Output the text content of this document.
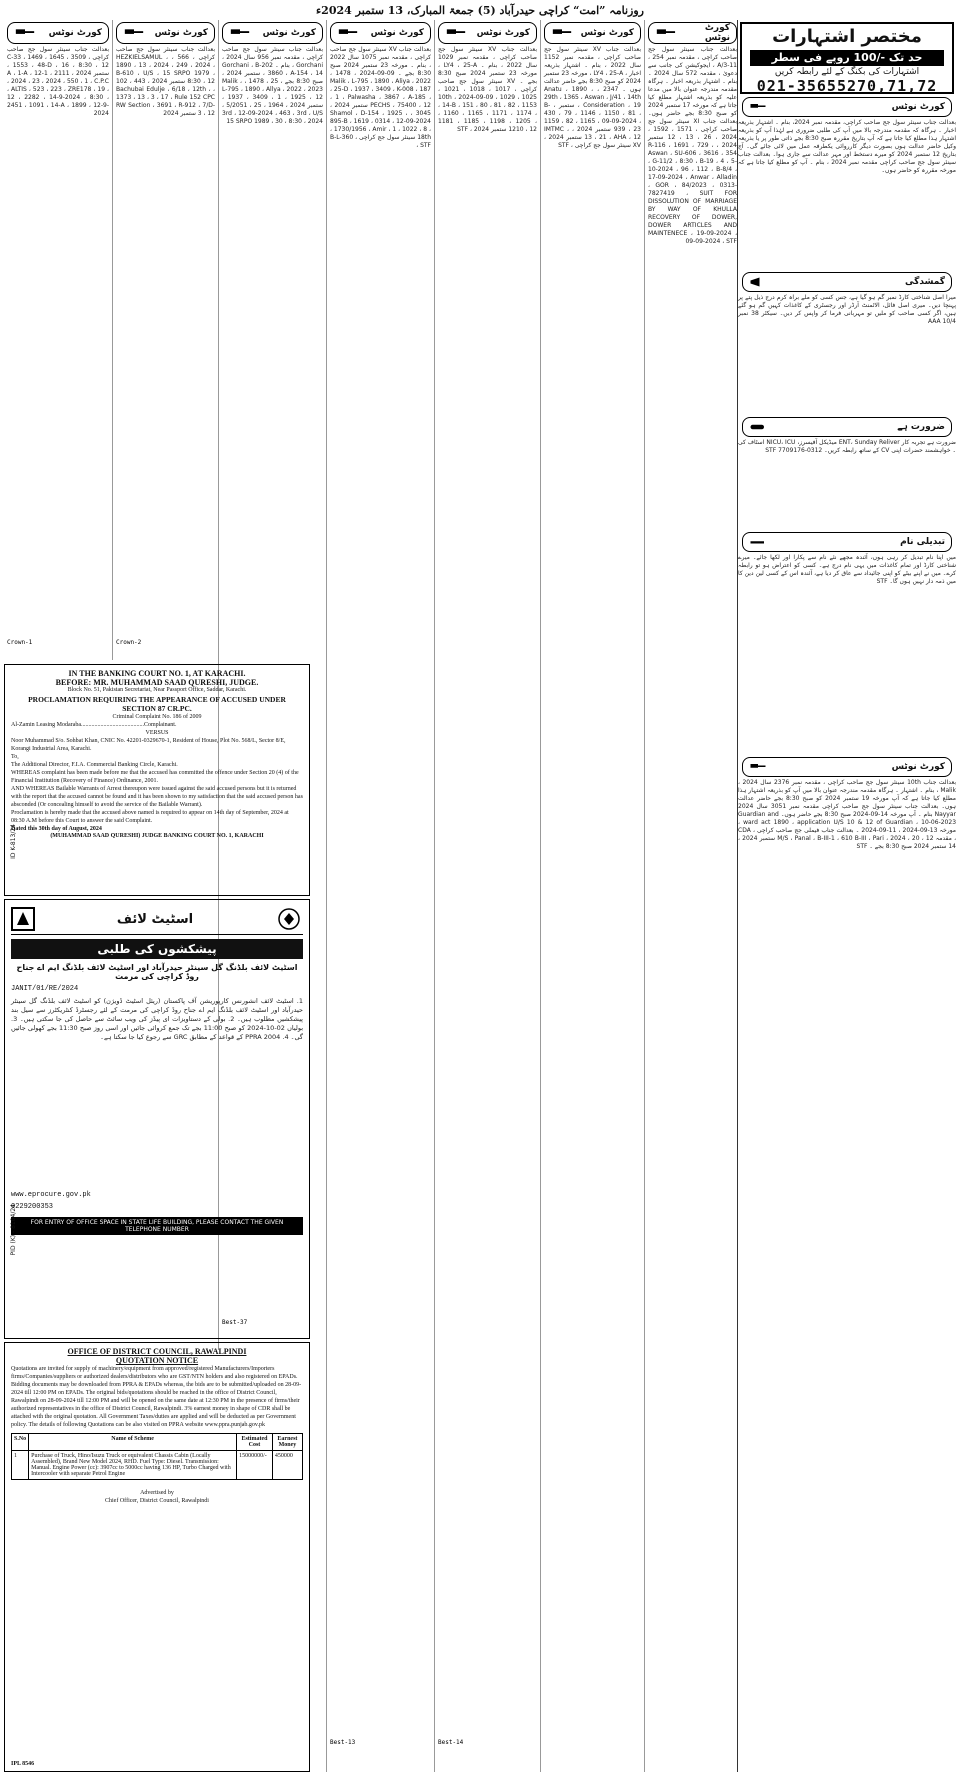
روزنامہ ”امت“ کراچی حیدرآباد (5) جمعۃ المبارک، 13 ستمبر 2024ء
مختصر اشتہارات
حد تک -/100 روپے فی سطر
اشتہارات کی بکنگ کے لئے رابطہ کریں
021-35655270,71,72
کورٹ نوٹس
بعدالت جناب سینئر سول جج صاحب کراچی، مقدمہ نمبر 2024، بنام ۔ اشتہار بذریعہ اخبار ۔ ہرگاہ کہ مقدمہ مندرجہ بالا میں آپ کی طلبی ضروری ہے لہٰذا آپ کو بذریعہ اشتہار ہذا مطلع کیا جاتا ہے کہ آپ بتاریخ مقررہ صبح 8:30 بجے ذاتی طور پر یا بذریعہ وکیل حاضر عدالت ہوں بصورت دیگر کارروائی یکطرفہ عمل میں لائی جائے گی۔ آج بتاریخ 12 ستمبر 2024 کو میرے دستخط اور مہر عدالت سے جاری ہوا۔ بعدالت جناب سینئر سول جج صاحب کراچی مقدمہ نمبر 2024 ، بنام ۔ آپ کو مطلع کیا جاتا ہے کہ مورخہ مقررہ کو حاضر ہوں۔
گمشدگی
میرا اصل شناختی کارڈ نمبر گم ہو گیا ہے، جس کسی کو ملے براہ کرم درج ذیل پتے پر پہنچا دیں۔ میری اصل فائل، الاٹمنٹ آرڈر اور رجسٹری کے کاغذات کہیں گم ہو گئے ہیں، اگر کسی صاحب کو ملیں تو مہربانی فرما کر واپس کر دیں۔ سیکٹر 38 نمبر 10/4 AAA
ضرورت ہے
ضرورت ہے تجربہ کار ENT، Sunday Reliver میڈیکل آفیسرز، NICU، ICU اسٹاف کی ۔ خواہشمند حضرات اپنی CV کے ساتھ رابطہ کریں۔ 0312-7709176 STF
تبدیلی نام
میں اپنا نام تبدیل کر رہی ہوں، آئندہ مجھے نئے نام سے پکارا اور لکھا جائے۔ میرے شناختی کارڈ اور تمام کاغذات میں یہی نام درج ہے۔ کسی کو اعتراض ہو تو رابطہ کرے۔ میں نے اپنے بیٹے کو اپنی جائیداد سے عاق کر دیا ہے، آئندہ اس کے کسی لین دین کا میں ذمہ دار نہیں ہوں گا۔ STF
کورٹ نوٹس
بعدالت جناب 10th سینئر سول جج صاحب کراچی ، مقدمہ نمبر 2376 سال 2024 ، Malik ، بنام ۔ اشتہار ۔ ہرگاہ مقدمہ مندرجہ عنوان بالا میں آپ کو بذریعہ اشتہار ہذا مطلع کیا جاتا ہے کہ آپ مورخہ 19 ستمبر 2024 کو صبح 8:30 بجے حاضر عدالت ہوں۔ بعدالت جناب سینئر سول جج صاحب کراچی مقدمہ نمبر 3051 سال 2024 Nayyar بنام ۔ آپ مورخہ 14-09-2024 صبح 8:30 بجے حاضر ہوں۔ Guardian and ward act 1890 ، application U/S 10 & 12 of Guardian ، 10-06-2023 ، مورخہ 13-09-2024 ، 11-09-2024 ۔ بعدالت جناب فیملی جج صاحب کراچی ، CDA ، مقدمہ M/S ، Panal ، B-III-1 ، 610 B-III ، Pari ، 2024 ، 20 ، 12 ستمبر 2024 ، 14 ستمبر 2024 صبح 8:30 بجے ۔ STF
کورٹ نوٹس
بعدالت جناب سینئر سول جج صاحب کراچی ، مقدمہ نمبر 254 ، 11-A/3 ، ایجوکیشن کی جانب سے دعویٰ ، مقدمہ 572 سال 2024 ۔ بنام ۔ اشتہار بذریعہ اخبار ۔ ہرگاہ مقدمہ مندرجہ عنوان بالا میں مدعا علیہ کو بذریعہ اشتہار مطلع کیا جاتا ہے کہ مورخہ 17 ستمبر 2024 کو صبح 8:30 بجے حاضر ہوں۔ بعدالت جناب XI سینئر سول جج صاحب کراچی ، 1571 ، 1592 ، 2024 ، 26 ، 13 ، 12 ستمبر 2024 ، R-116 ، 1691 ، 729 ، Aswan ، SU-606 ، 3616 ، 354 ، G-11/2 ، 8:30 ، B-19 ، 4 ، 5-10-2024 ، 96 ، 112 ، B-8/4 ، 17-09-2024 ، Anwar ، Alladin ، GOR ، 84/2023 ، 0313-7827419 ، SUIT FOR DISSOLUTION OF MARRIAGE BY WAY OF KHULLA RECOVERY OF DOWER, DOWER ARTICLES AND MAINTENECE ، 19-09-2024 ، 09-09-2024 ، STF
کورٹ نوٹس
بعدالت جناب XV سینئر سول جج صاحب کراچی ، مقدمہ نمبر 1152 سال 2022 ، بنام ۔ اشتہار بذریعہ اخبار ، LY4 ، 25-A ، مورخہ 23 ستمبر 2024 کو صبح 8:30 بجے حاضر عدالت ہوں ۔ 2347 ، Anatu ، 1890 ، 29th ، 1365 ، Aswan ، J/41 ، 14th ، Consideration ، 19 ستمبر ، B-430 ، 79 ، 1146 ، 1150 ، 81 ، 1159 ، 82 ، 1165 ، 09-09-2024 ، 939 ، 23 ستمبر 2024 ، IMTMC ، 13 ، 21 ، AHA ، 12 ستمبر 2024 ، XV سینئر سول جج کراچی ، STF
کورٹ نوٹس
بعدالت جناب XV سینئر سول جج صاحب کراچی ، مقدمہ نمبر 1029 سال 2022 ، بنام ۔ LY4 ، 25-A ، مورخہ 23 ستمبر 2024 صبح 8:30 بجے ۔ XV سینئر سول جج صاحب کراچی ، 1017 ، 1018 ، 1021 ، 1025 ، 1029 ، 09-09-2024 ، 10th ، 14-B ، 151 ، 80 ، 81 ، 82 ، 1153 ، 1160 ، 1165 ، 1171 ، 1174 ، 1181 ، 1185 ، 1198 ، 1205 ، 1210 ، 12 ستمبر 2024 ، STF
Best-14
کورٹ نوٹس
بعدالت جناب XV سینئر سول جج صاحب کراچی ، مقدمہ نمبر 1075 سال 2022 ، بنام ۔ مورخہ 23 ستمبر 2024 صبح 8:30 بجے ۔ 09-09-2024 ، 1478 ، Malik ، L-795 ، 1890 ، Aliya ، 2022 ، 25-D ، 1937 ، 3409 ، K-008 ، 187 ، 1 ، Palwasha ، 3867 ، A-185 ، PECHS ، 75400 ، 12 ستمبر 2024 ، 3045 ، Shamol ، D-154 ، 1925 ، 895-B ، 1619 ، 0314 ، 12-09-2024 ، 1730/1956 ، Amir ، 1 ، 1022 ، 8 ، 18th سینئر سول جج کراچی ، B-L-360 ، STF
Best-13
کورٹ نوٹس
بعدالت جناب سینئر سول جج صاحب کراچی ، مقدمہ نمبر 956 سال 2024 ، Gorchani ، بنام ۔ Gorchani ، B-202 ، 3860 ، A-154 ، 14 ستمبر 2024 ، صبح 8:30 بجے ، 25 ، 1478 ، Malik ، L-795 ، 1890 ، Allya ، 2022 ، 2023 ، 1937 ، 3409 ، 1 ، 1925 ، 12 ستمبر 2024 ، 1964 ، 25 ، 5/2051 ، 3rd ، 12-09-2024 ، 463 ، 3rd ، U/S 15 SRPO 1989 ، 30 ، 8:30 ، 2024
Best-37
کورٹ نوٹس
بعدالت جناب سینئر سول جج صاحب کراچی ، 566 ، HEZKIELSAMUL ، 1890 ، 13 ، 2024 ، 249 ، 2024 ، B-610 ، U/S ، 15 SRPO 1979 ، 8:30 ، 12 ستمبر 2024 ، 443 ، 102 ، Bachubai Edulje ، 6/18 ، 12th ، 1373 ، 13 ، 3 ، 17 ، Rule 152 CPC RW Section ، 3691 ، R-912 ، 7/D-3 ، 12 ستمبر 2024
Crown-2
کورٹ نوٹس
بعدالت جناب سینئر سول جج صاحب کراچی ، 3509 ، 1645 ، 1469 ، 33-C ، 1553 ، 48-D ، 16 ، 8:30 ، 12 ستمبر 2024 ، 2111 ، 1-A ، 1-A ، 12 ، 2024 ، 23 ، 2024 ، 550 ، 1 ، C.P.C ، ALTIS ، 523 ، 223 ، ZRE178 ، 19 ، 12 ، 2282 ، 14-9-2024 ، 8:30 ، 2451 ، 1091 ، 14-A ، 1899 ، 12-9-2024
Crown-1
IN THE BANKING COURT NO. 1, AT KARACHI.
BEFORE: MR. MUHAMMAD SAAD QURESHI, JUDGE.
Block No. 51, Pakistan Secretariat, Near Passport Office, Saddar, Karachi.
PROCLAMATION REQUIRING THE APPEARANCE OF ACCUSED UNDER SECTION 87 CR.PC.
Criminal Complaint No. 186 of 2009
Al-Zamin Leasing Modaraba..........................................Complainant.
VERSUS
Noor Muhammad S/o. Sohbat Khan, CNIC No. 42201-0329670-1, Resident of House, Plot No. 568/L, Sector 8/E, Korangi Industrial Area, Karachi.
To,
The Additional Director, F.I.A. Commercial Banking Circle, Karachi.
WHEREAS complaint has been made before me that the accused has committed the offence under Section 20 (4) of the Financial Institution (Recovery of Finance) Ordinance, 2001.
AND WHEREAS Bailable Warrants of Arrest thereupon were issued against the said accused persons but it is returned with the report that the accused cannot be found and it has been shown to my satisfaction that the said accused person has absconded (Or concealing himself to avoid the service of the Bailable Warrant).
Proclamation is hereby made that the accused above named is required to appear on 14th day of September, 2024 at 08:30 A.M before this Court to answer the said Complaint.
Dated this 30th day of August, 2024
(MUHAMMAD SAAD QURESHI) JUDGE BANKING COURT NO. 1, KARACHI
ID K-813/24
اسٹیٹ لائف
پیشکشوں کی طلبی
اسٹیٹ لائف بلڈنگ گل سینٹر حیدرآباد اور اسٹیٹ لائف بلڈنگ ایم اے جناح روڈ کراچی کی مرمت
JANIT/01/RE/2024
1. اسٹیٹ لائف انشورنس کارپوریشن آف پاکستان (ریئل اسٹیٹ ڈویژن) کو اسٹیٹ لائف بلڈنگ گل سینٹر حیدرآباد اور اسٹیٹ لائف بلڈنگ ایم اے جناح روڈ کراچی کی مرمت کے لئے رجسٹرڈ کنٹریکٹرز سے سیل بند پیشکشیں مطلوب ہیں۔ 2. بولی کے دستاویزات ای پیڈز کی ویب سائٹ سے حاصل کی جا سکتی ہیں۔ 3. بولیاں 02-10-2024 کو صبح 11:00 بجے تک جمع کروائی جائیں اور اسی روز صبح 11:30 بجے کھولی جائیں گی۔ 4. PPRA 2004 کے قواعد کے مطابق GRC سے رجوع کیا جا سکتا ہے۔
www.eprocure.gov.pk
0229200353
FOR ENTRY OF OFFICE SPACE IN STATE LIFE BUILDING, PLEASE CONTACT THE GIVEN TELEPHONE NUMBER
PID (K) - 8104/24
OFFICE OF DISTRICT COUNCIL, RAWALPINDI
QUOTATION NOTICE
Quotations are invited for supply of machinery/equipment from approved/registered Manufacturers/Importers firms/Companies/suppliers or authorized dealers/distributors who are GST/NTN holders and also registered on EPADs. Bidding documents may be downloaded from PPRA & EPADs whereas, the bids are to be submitted/uploaded on 28-09-2024 till 12:00 PM on EPADs. The original bids/quotations should be reached in the office of District Council, Rawalpindi on 28-09-2024 till 12:00 PM and will be opened on the same date at 12:30 PM in the presence of firms/their authorized representatives in the office of District Council, Rawalpindi. 3% earnest money in shape of CDR shall be attached with the original quotation. All Government Taxes/duties are applied and will be deducted as per Government policy. The details of following Quotations can be also visited on PPRA website www.ppra.punjab.gov.pk
S.No	Name of Scheme	Estimated Cost	Earnest Money
1	Purchase of Truck, Hino/Isuzu Truck or equivalent Chassis Cabin (Locally Assembled), Brand New Model 2024, RHD. Fuel Type: Diesel. Transmission: Manual. Engine Power (cc): 3907cc to 5000cc having 136 HP, Turbo Charged with Intercooler with separate Petrol Engine	15000000/-	450000
Advertised by
Chief Officer, District Council, Rawalpindi
IPL 8546
